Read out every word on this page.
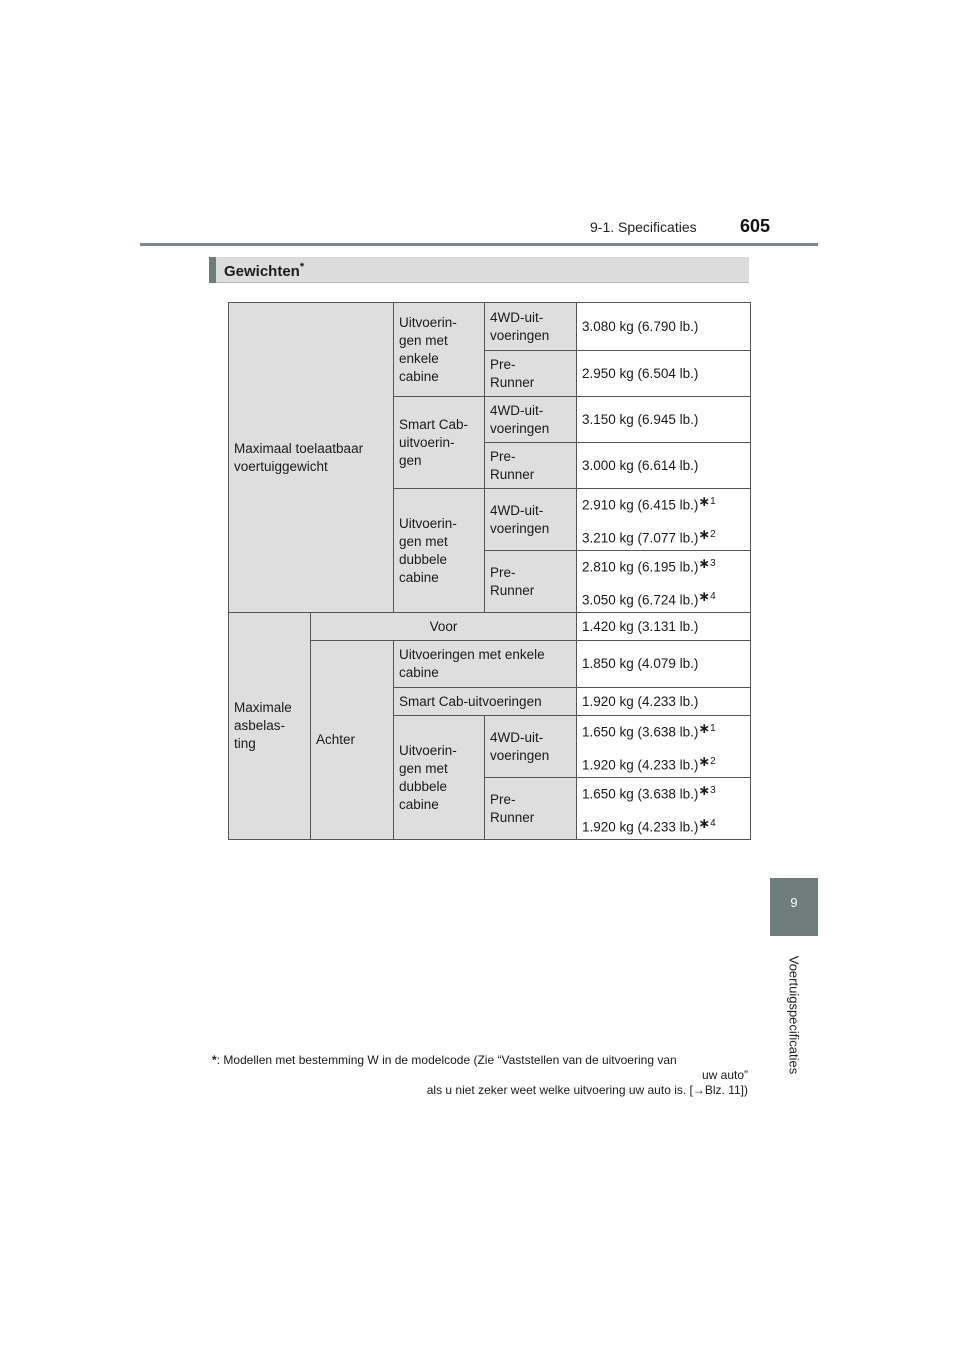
9-1. Specificaties 605
Gewichten*
Maximaal toelaatbaar
voertuiggewicht		Uitvoerin-
gen met
enkele
cabine	4WD-uit-
voeringen	3.080 kg (6.790 lb.)
			Pre-
Runner	2.950 kg (6.504 lb.)
		Smart Cab-
uitvoerin-
gen	4WD-uit-
voeringen	3.150 kg (6.945 lb.)
			Pre-
Runner	3.000 kg (6.614 lb.)
		Uitvoerin-
gen met
dubbele
cabine	4WD-uit-
voeringen	2.910 kg (6.415 lb.) ∗ $^1$
3.210 kg (7.077 lb.) ∗ $^2$

			Pre-
Runner	2.810 kg (6.195 lb.) ∗ $^3$
3.050 kg (6.724 lb.) ∗ $^4$

Maximale
asbelas-
ting	Voor			1.420 kg (3.131 lb.)
	Achter	Uitvoeringen met enkele
cabine		1.850 kg (4.079 lb.)
		Smart Cab-uitvoeringen		1.920 kg (4.233 lb.)
		Uitvoerin-
gen met
dubbele
cabine	4WD-uit-
voeringen	1.650 kg (3.638 lb.) ∗ $^1$
1.920 kg (4.233 lb.) ∗ $^2$

			Pre-
Runner	1.650 kg (3.638 lb.) ∗ $^3$
1.920 kg (4.233 lb.) ∗ $^4$
9
Voertuigspecificaties
*: Modellen met bestemming W in de modelcode (Zie “Vaststellen van de uitvoering van
uw auto”
als u niet zeker weet welke uitvoering uw auto is. [→Blz. 11])
